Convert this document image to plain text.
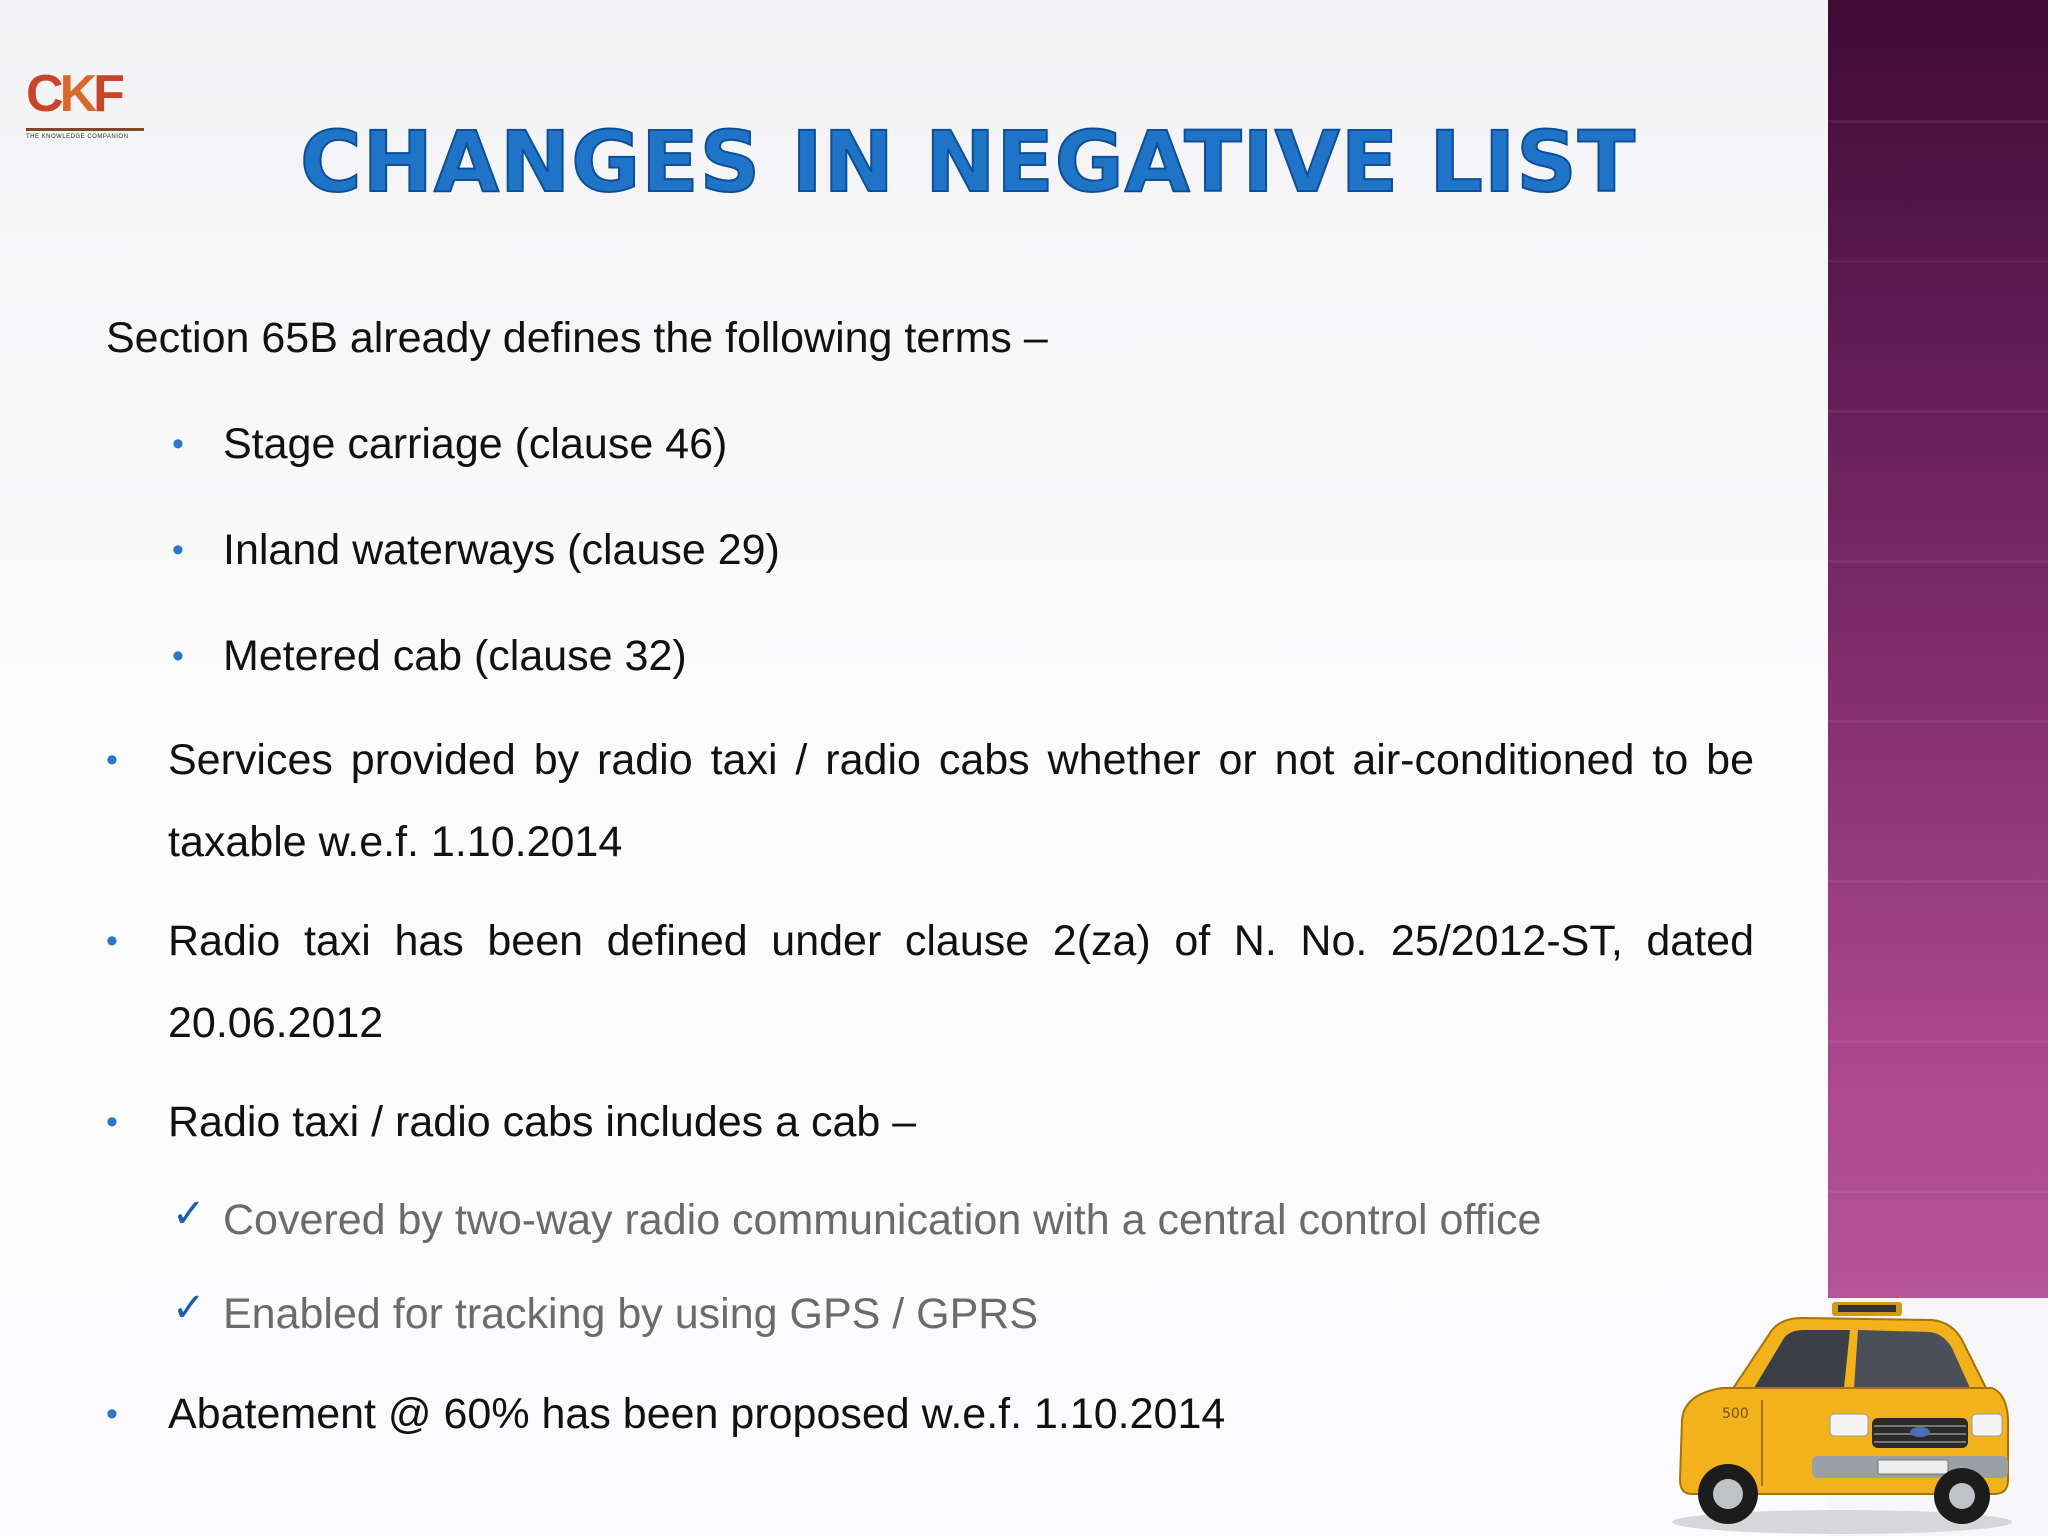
CKF
THE KNOWLEDGE COMPANION CHANGES IN NEGATIVE LIST
Section 65B already defines the following terms –
• Stage carriage (clause 46)
• Inland waterways (clause 29)
• Metered cab (clause 32)
• Services provided by radio taxi / radio cabs whether or not air-conditioned to be taxable w.e.f. 1.10.2014
• Radio taxi has been defined under clause 2(za) of N. No. 25/2012-ST, dated 20.06.2012
• Radio taxi / radio cabs includes a cab –
✓ Covered by two-way radio communication with a central control office
✓ Enabled for tracking by using GPS / GPRS
• Abatement @ 60% has been proposed w.e.f. 1.10.2014	500
